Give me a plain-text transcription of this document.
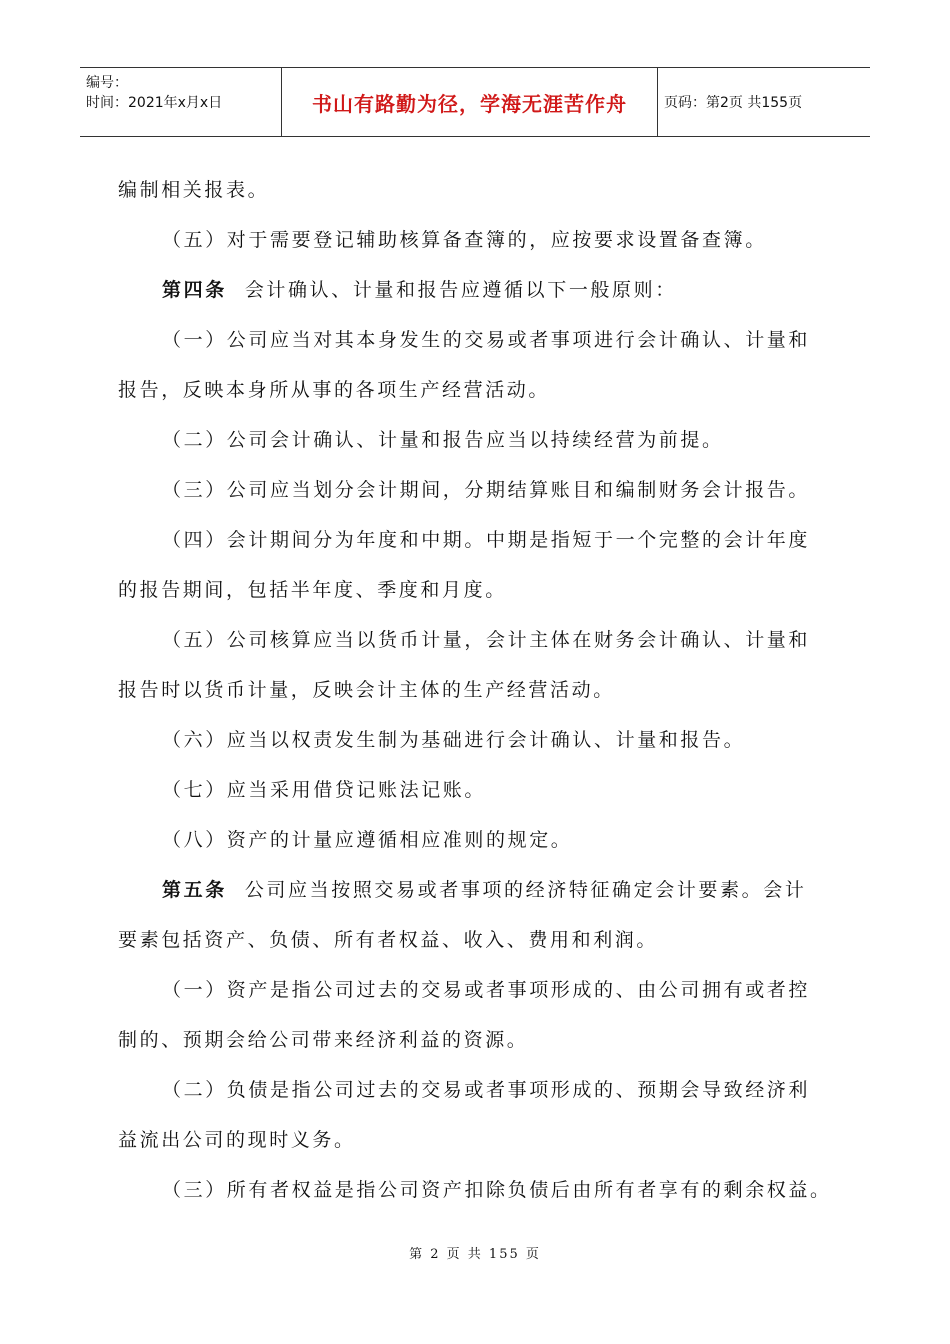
编号：
时间：2021年x月x日	书山有路勤为径，学海无涯苦作舟	页码：第2页 共155页

编制相关报表。

（五）对于需要登记辅助核算备查簿的，应按要求设置备查簿。

第四条 会计确认、计量和报告应遵循以下一般原则：

（一）公司应当对其本身发生的交易或者事项进行会计确认、计量和

报告，反映本身所从事的各项生产经营活动。

（二）公司会计确认、计量和报告应当以持续经营为前提。

（三）公司应当划分会计期间，分期结算账目和编制财务会计报告。

（四）会计期间分为年度和中期。中期是指短于一个完整的会计年度

的报告期间，包括半年度、季度和月度。

（五）公司核算应当以货币计量，会计主体在财务会计确认、计量和

报告时以货币计量，反映会计主体的生产经营活动。

（六）应当以权责发生制为基础进行会计确认、计量和报告。

（七）应当采用借贷记账法记账。

（八）资产的计量应遵循相应准则的规定。

第五条 公司应当按照交易或者事项的经济特征确定会计要素。会计

要素包括资产、负债、所有者权益、收入、费用和利润。

（一）资产是指公司过去的交易或者事项形成的、由公司拥有或者控

制的、预期会给公司带来经济利益的资源。

（二）负债是指公司过去的交易或者事项形成的、预期会导致经济利

益流出公司的现时义务。

（三）所有者权益是指公司资产扣除负债后由所有者享有的剩余权益。

第 2 页 共 155 页
